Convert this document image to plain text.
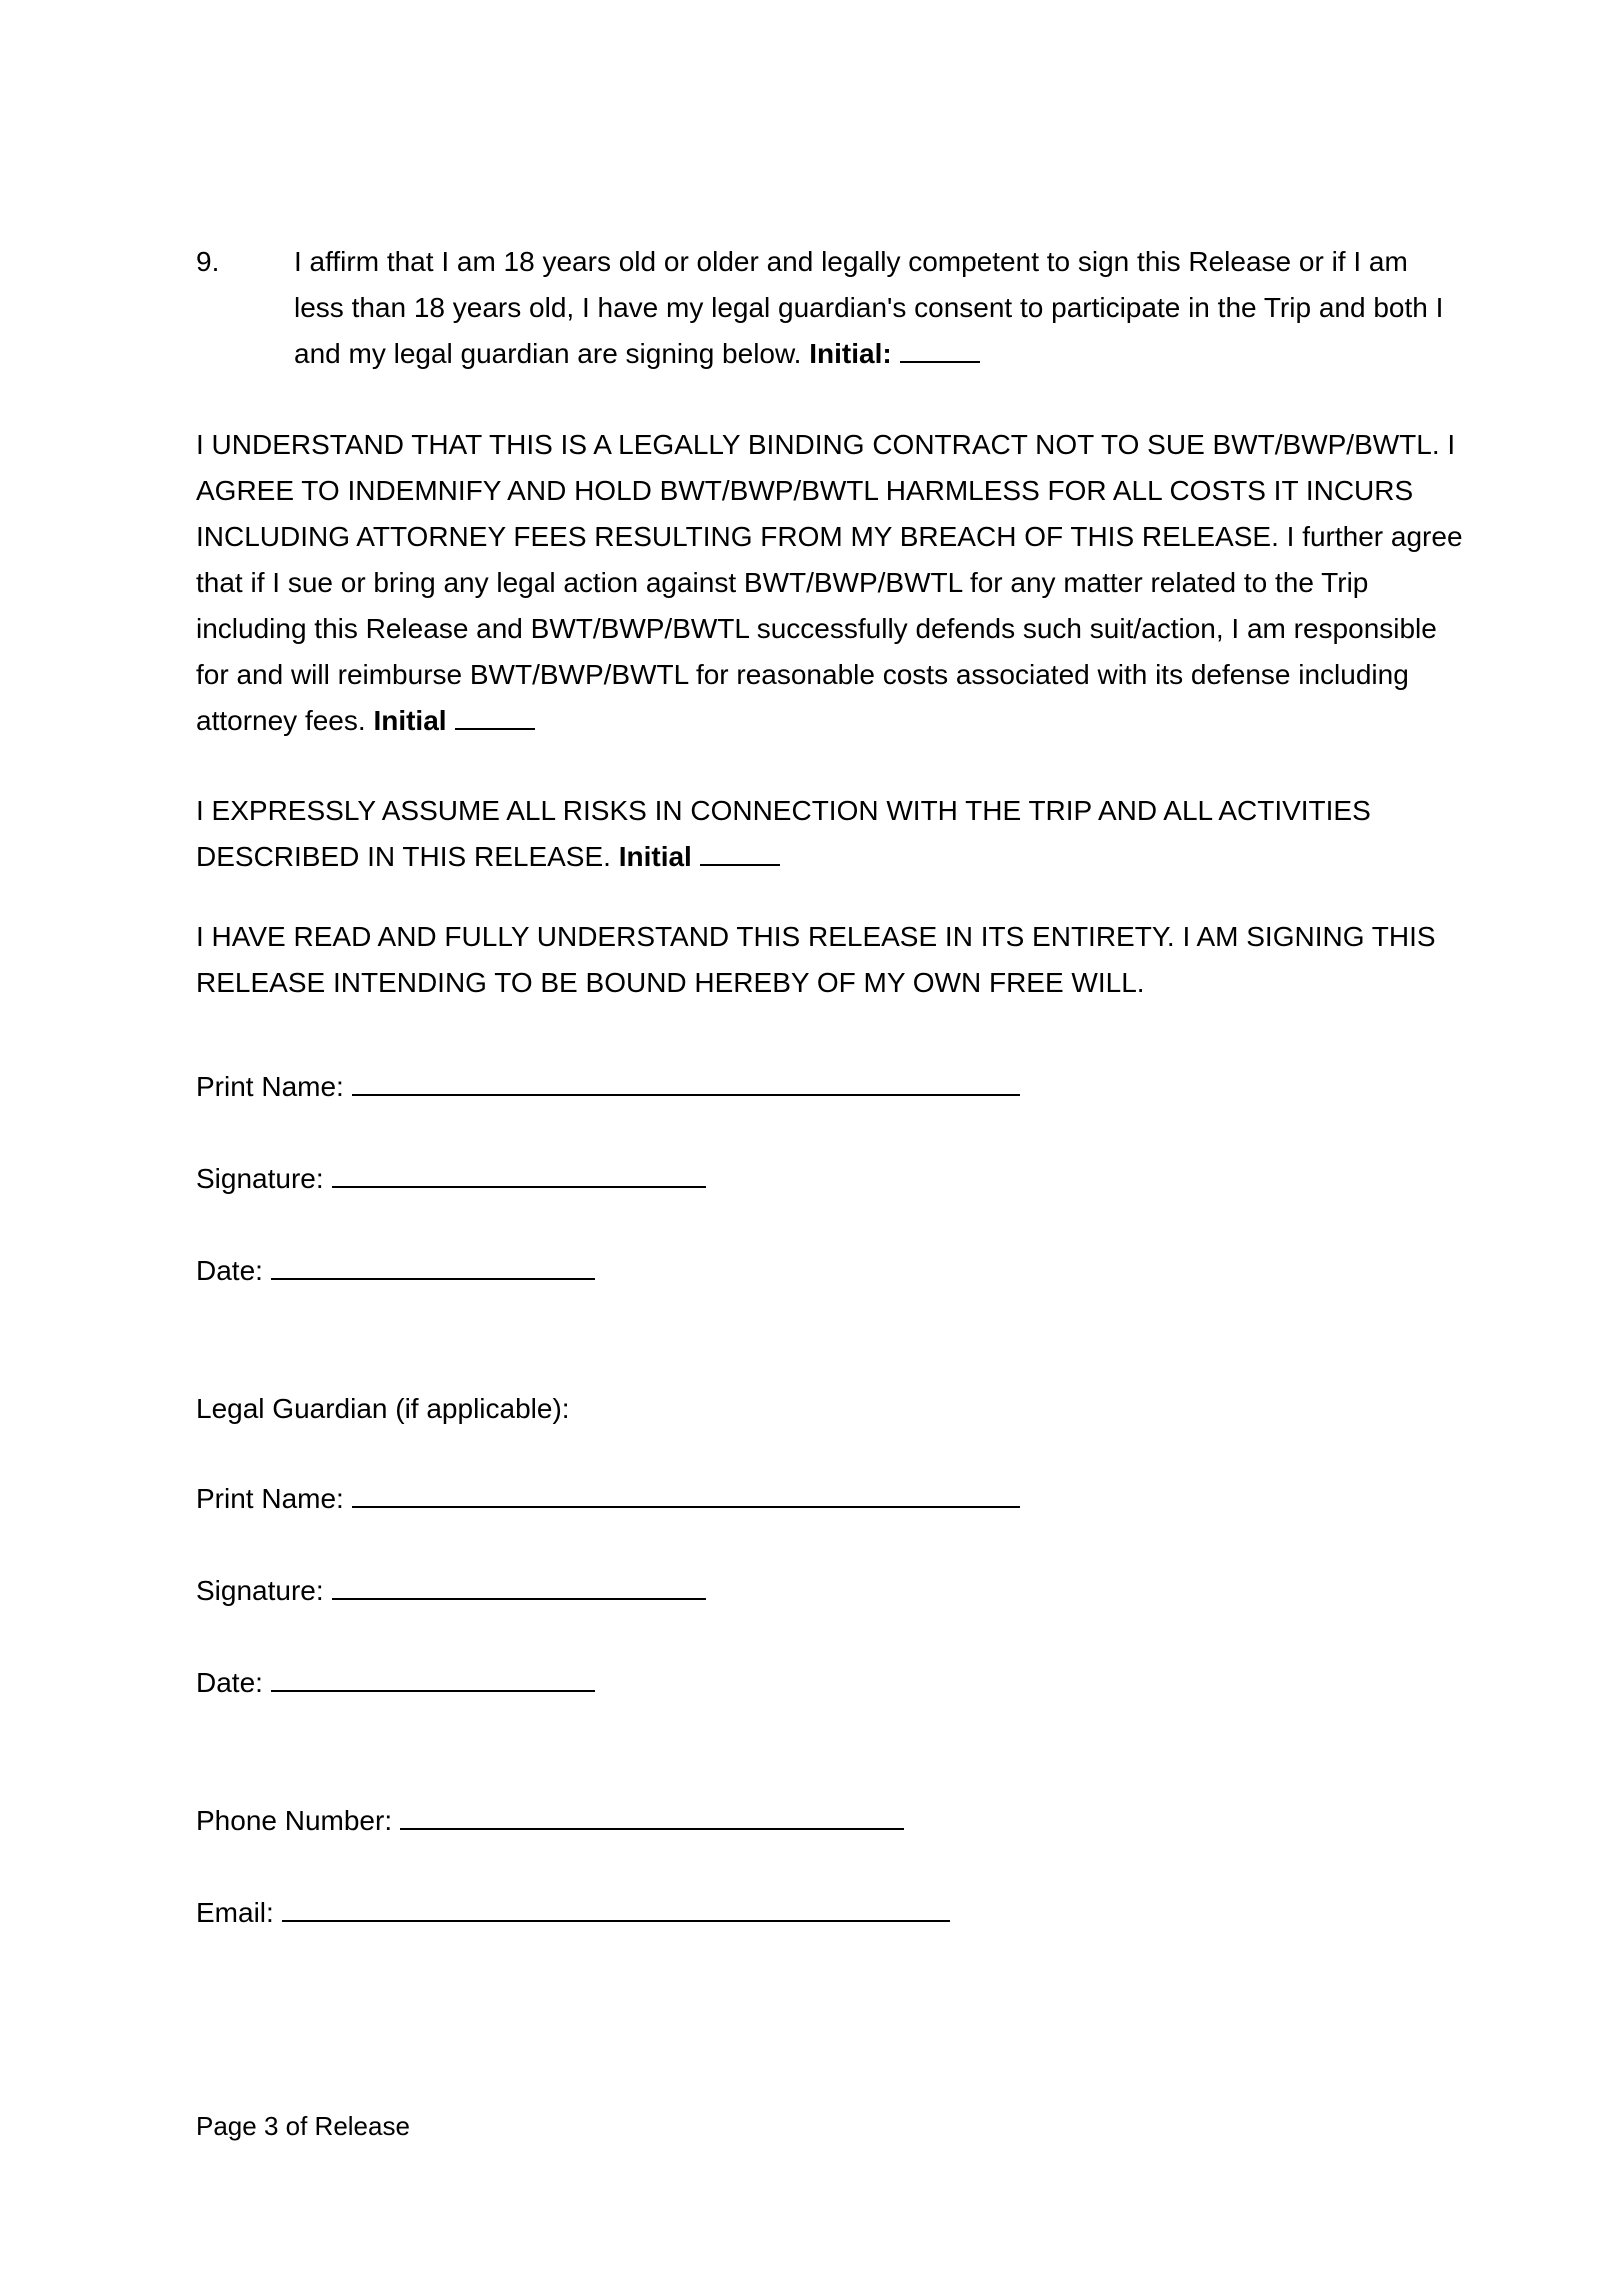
9.	I affirm that I am 18 years old or older and legally competent to sign this Release or if I am less than 18 years old, I have my legal guardian's consent to participate in the Trip and both I and my legal guardian are signing below. Initial:

I UNDERSTAND THAT THIS IS A LEGALLY BINDING CONTRACT NOT TO SUE BWT/BWP/BWTL. I AGREE TO INDEMNIFY AND HOLD BWT/BWP/BWTL HARMLESS FOR ALL COSTS IT INCURS INCLUDING ATTORNEY FEES RESULTING FROM MY BREACH OF THIS RELEASE. I further agree that if I sue or bring any legal action against BWT/BWP/BWTL for any matter related to the Trip including this Release and BWT/BWP/BWTL successfully defends such suit/action, I am responsible for and will reimburse BWT/BWP/BWTL for reasonable costs associated with its defense including attorney fees. Initial

I EXPRESSLY ASSUME ALL RISKS IN CONNECTION WITH THE TRIP AND ALL ACTIVITIES DESCRIBED IN THIS RELEASE. Initial

I HAVE READ AND FULLY UNDERSTAND THIS RELEASE IN ITS ENTIRETY. I AM SIGNING THIS RELEASE INTENDING TO BE BOUND HEREBY OF MY OWN FREE WILL.

Print Name:
Signature:
Date:
Legal Guardian (if applicable):
Print Name:
Signature:
Date:
Phone Number:
Email:
Page 3 of Release
